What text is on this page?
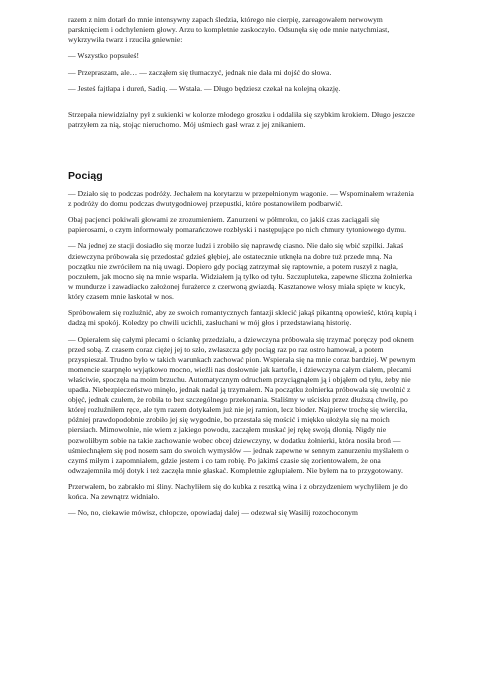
razem z nim dotarł do mnie intensywny zapach śledzia, którego nie cierpię, zareagowałem nerwowym parsknięciem i odchyleniem głowy. Arzu to kompletnie zaskoczyło. Odsunęła się ode mnie natychmiast, wykrzywiła twarz i rzuciła gniewnie:

— Wszystko popsułeś!

— Przepraszam, ale… — zacząłem się tłumaczyć, jednak nie dała mi dojść do słowa.

— Jesteś fajtłapa i dureń, Sadiq. — Wstała. — Długo będziesz czekał na kolejną okazję.

Strzepała niewidzialny pył z sukienki w kolorze młodego groszku i oddaliła się szybkim krokiem. Długo jeszcze patrzyłem za nią, stojąc nieruchomo. Mój uśmiech gasł wraz z jej znikaniem.

Pociąg

— Działo się to podczas podróży. Jechałem na korytarzu w przepełnionym wagonie. — Wspominałem wrażenia z podróży do domu podczas dwutygodniowej przepustki, które postanowiłem podbarwić.

Obaj pacjenci pokiwali głowami ze zrozumieniem. Zanurzeni w półmroku, co jakiś czas zaciągali się papierosami, o czym informowały pomarańczowe rozbłyski i następujące po nich chmury tytoniowego dymu.

— Na jednej ze stacji dosiadło się morze ludzi i zrobiło się naprawdę ciasno. Nie dało się wbić szpilki. Jakaś dziewczyna próbowała się przedostać gdzieś głębiej, ale ostatecznie utknęła na dobre tuż przede mną. Na początku nie zwróciłem na nią uwagi. Dopiero gdy pociąg zatrzymał się raptownie, a potem ruszył z nagła, poczułem, jak mocno się na mnie wsparła. Widziałem ją tylko od tyłu. Szczupluteka, zapewne śliczna żołnierka w mundurze i zawadiacko założonej furażerce z czerwoną gwiazdą. Kasztanowe włosy miała spięte w kucyk, który czasem mnie łaskotał w nos.

Spróbowałem się rozluźnić, aby ze swoich romantycznych fantazji sklecić jakąś pikantną opowieść, którą kupią i dadzą mi spokój. Koledzy po chwili ucichli, zasłuchani w mój głos i przedstawianą historię.

— Opierałem się całymi plecami o ściankę przedziału, a dziewczyna próbowała się trzymać poręczy pod oknem przed sobą. Z czasem coraz ciężej jej to szło, zwłaszcza gdy pociąg raz po raz ostro hamował, a potem przyspieszał. Trudno było w takich warunkach zachować pion. Wspierała się na mnie coraz bardziej. W pewnym momencie szarpnęło wyjątkowo mocno, wieźli nas dosłownie jak kartofle, i dziewczyna całym ciałem, plecami właściwie, spoczęła na moim brzuchu. Automatycznym odruchem przyciągnąłem ją i objąłem od tyłu, żeby nie upadła. Niebezpieczeństwo minęło, jednak nadal ją trzymałem. Na początku żołnierka próbowała się uwolnić z objęć, jednak czułem, że robiła to bez szczególnego przekonania. Staliśmy w uścisku przez dłuższą chwilę, po której rozluźniłem ręce, ale tym razem dotykałem już nie jej ramion, lecz bioder. Najpierw trochę się wierciła, później prawdopodobnie zrobiło jej się wygodnie, bo przestała się mościć i miękko ułożyła się na moich piersiach. Mimowolnie, nie wiem z jakiego powodu, zacząłem muskać jej rękę swoją dłonią. Nigdy nie pozwoliłbym sobie na takie zachowanie wobec obcej dziewczyny, w dodatku żołnierki, która nosiła broń — uśmiechnąłem się pod nosem sam do swoich wymysłów — jednak zapewne w sennym zanurzeniu myślałem o czymś miłym i zapomniałem, gdzie jestem i co tam robię. Po jakimś czasie się zorientowałem, że ona odwzajemniła mój dotyk i też zaczęła mnie głaskać. Kompletnie zgłupiałem. Nie byłem na to przygotowany.

Przerwałem, bo zabrakło mi śliny. Nachyliłem się do kubka z resztką wina i z obrzydzeniem wychyliłem je do końca. Na zewnątrz widniało.

— No, no, ciekawie mówisz, chłopcze, opowiadaj dalej — odezwał się Wasilij rozochoconym
